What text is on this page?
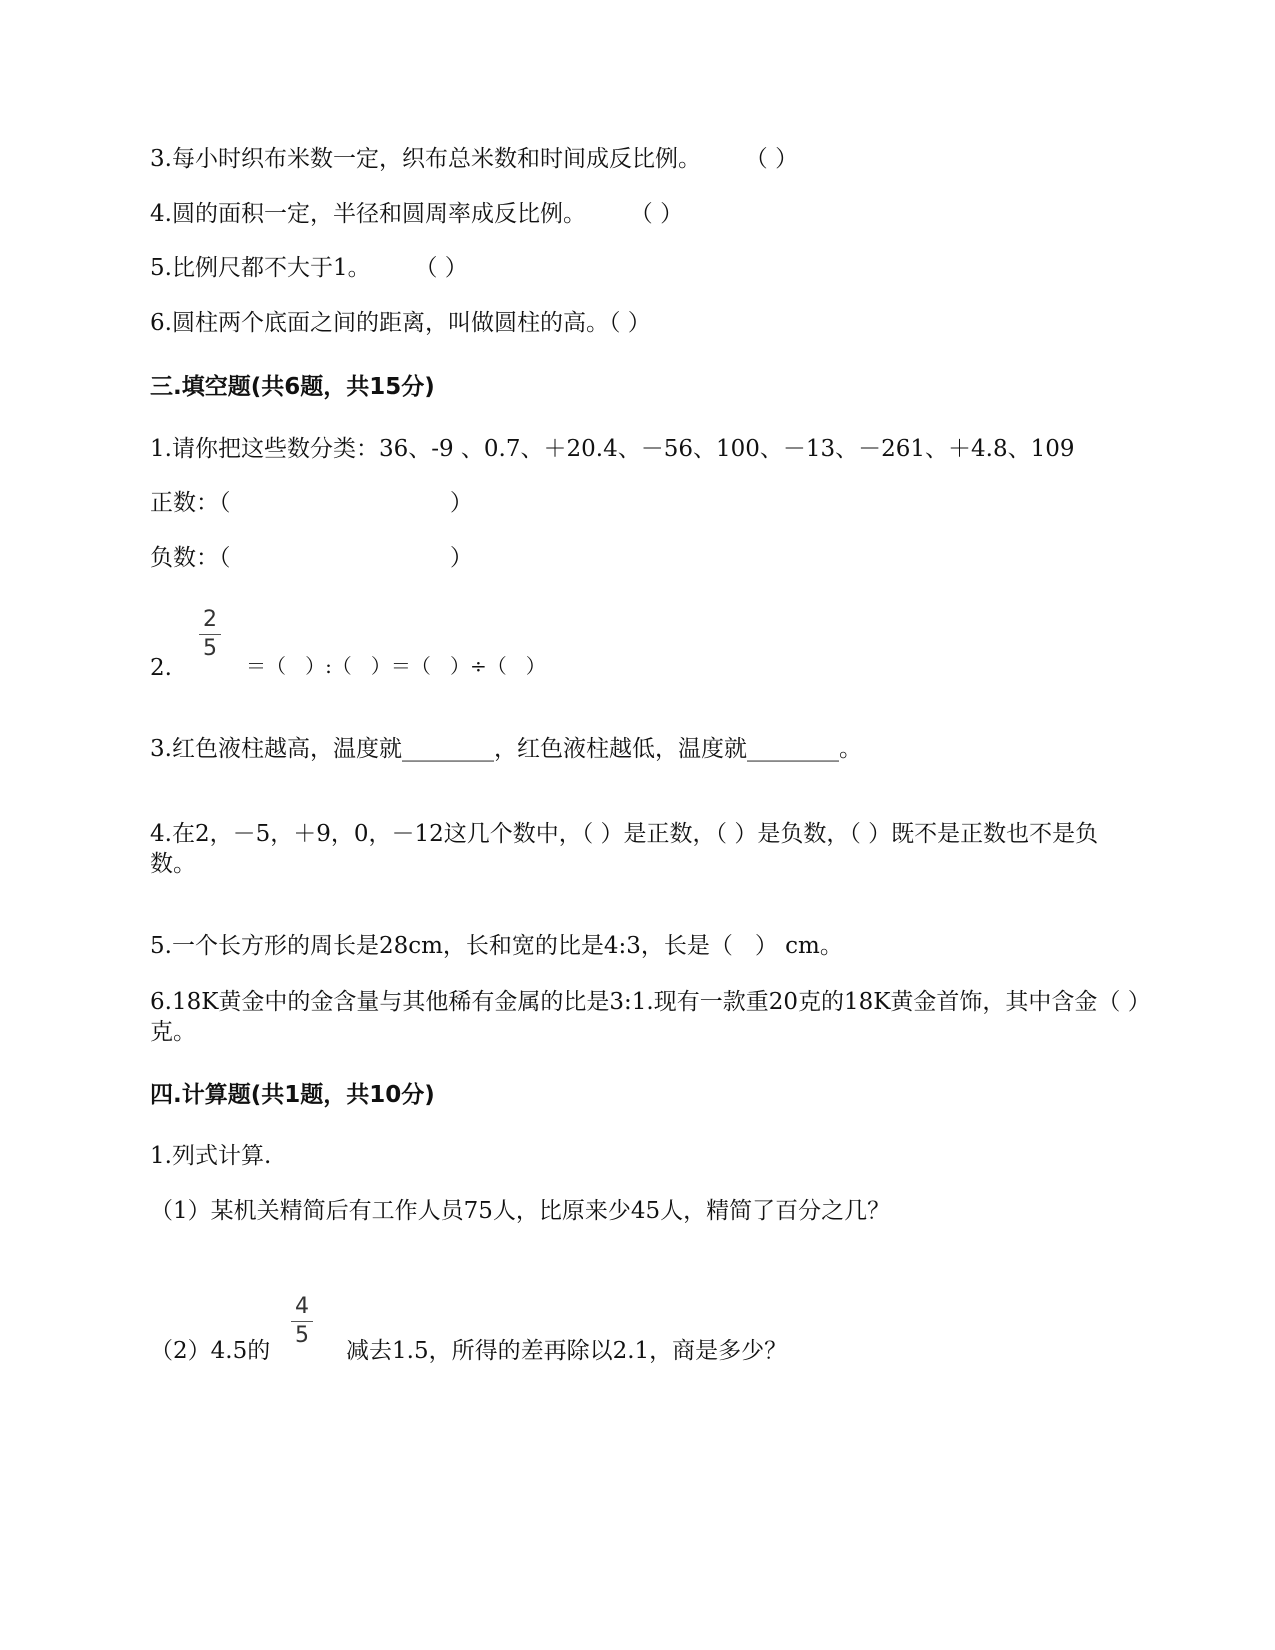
3.每小时织布米数一定，织布总米数和时间成反比例。      （ ）

4.圆的面积一定，半径和圆周率成反比例。      （ ）

5.比例尺都不大于1。      （ ）

6.圆柱两个底面之间的距离，叫做圆柱的高。（ ）

三.填空题(共6题，共15分)

1.请你把这些数分类：36、-9 、0.7、＋20.4、－56、100、－13、－261、＋4.8、109

正数：（                              ）

负数：（                              ）

2
5

2.	＝（   ）:（   ）＝（   ）÷（   ）

3.红色液柱越高，温度就________，红色液柱越低，温度就________。

4.在2，－5，＋9，0，－12这几个数中，（ ）是正数，（ ）是负数，（ ）既不是正数也不是负数。

5.一个长方形的周长是28cm，长和宽的比是4:3，长是（   ） cm。

6.18K黄金中的金含量与其他稀有金属的比是3:1.现有一款重20克的18K黄金首饰，其中含金（ ）克。

四.计算题(共1题，共10分)

1.列式计算.

（1）某机关精简后有工作人员75人，比原来少45人，精简了百分之几？

（2）4.5的

4
5

减去1.5，所得的差再除以2.1，商是多少？
